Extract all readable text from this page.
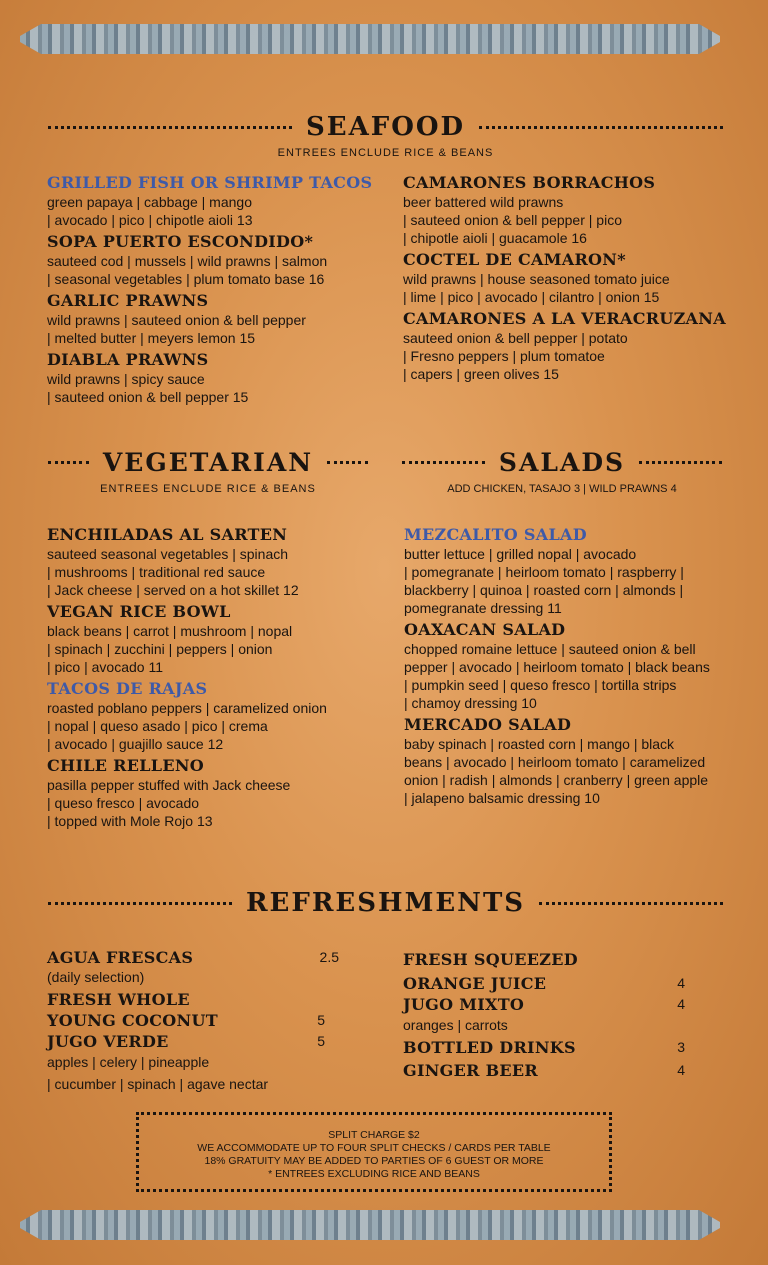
SEAFOOD
ENTREES ENCLUDE RICE & BEANS
GRILLED FISH OR SHRIMP TACOS
green papaya | cabbage | mango
| avocado | pico | chipotle aioli 13
SOPA PUERTO ESCONDIDO*
sauteed cod | mussels | wild prawns | salmon
| seasonal vegetables | plum tomato base 16
GARLIC PRAWNS
wild prawns | sauteed onion & bell pepper
| melted butter | meyers lemon 15
DIABLA PRAWNS
wild prawns | spicy sauce
| sauteed onion & bell pepper 15
CAMARONES BORRACHOS
beer battered wild prawns
| sauteed onion & bell pepper | pico
| chipotle aioli | guacamole 16
COCTEL DE CAMARON*
wild prawns | house seasoned tomato juice
| lime | pico | avocado | cilantro | onion 15
CAMARONES A LA VERACRUZANA
sauteed onion & bell pepper | potato
| Fresno peppers | plum tomatoe
| capers | green olives 15
VEGETARIAN
ENTREES ENCLUDE RICE & BEANS
ENCHILADAS AL SARTEN
sauteed seasonal vegetables | spinach
| mushrooms | traditional red sauce
| Jack cheese | served on a hot skillet 12
VEGAN RICE BOWL
black beans | carrot | mushroom | nopal
| spinach | zucchini | peppers | onion
| pico | avocado 11
TACOS DE RAJAS
roasted poblano peppers | caramelized onion
| nopal | queso asado | pico | crema
| avocado | guajillo sauce 12
CHILE RELLENO
pasilla pepper stuffed with Jack cheese
| queso fresco | avocado
| topped with Mole Rojo 13
SALADS
ADD CHICKEN, TASAJO 3 | WILD PRAWNS 4
MEZCALITO SALAD
butter lettuce | grilled nopal | avocado
| pomegranate | heirloom tomato | raspberry |
blackberry | quinoa | roasted corn | almonds |
pomegranate dressing 11
OAXACAN SALAD
chopped romaine lettuce | sauteed onion & bell
pepper | avocado | heirloom tomato | black beans
| pumpkin seed | queso fresco | tortilla strips
| chamoy dressing 10
MERCADO SALAD
baby spinach | roasted corn | mango | black
beans | avocado | heirloom tomato | caramelized
onion | radish | almonds | cranberry | green apple
| jalapeno balsamic dressing 10
REFRESHMENTS
AGUA FRESCAS	2.5
(daily selection)
FRESH WHOLE
YOUNG COCONUT	5
JUGO VERDE	5
apples | celery | pineapple
| cucumber | spinach | agave nectar
FRESH SQUEEZED
ORANGE JUICE	4
JUGO MIXTO	4
oranges | carrots
BOTTLED DRINKS	3
GINGER BEER	4
SPLIT CHARGE $2
WE ACCOMMODATE UP TO FOUR SPLIT CHECKS / CARDS PER TABLE
18% GRATUITY MAY BE ADDED TO PARTIES OF 6 GUEST OR MORE
* ENTREES EXCLUDING RICE AND BEANS
